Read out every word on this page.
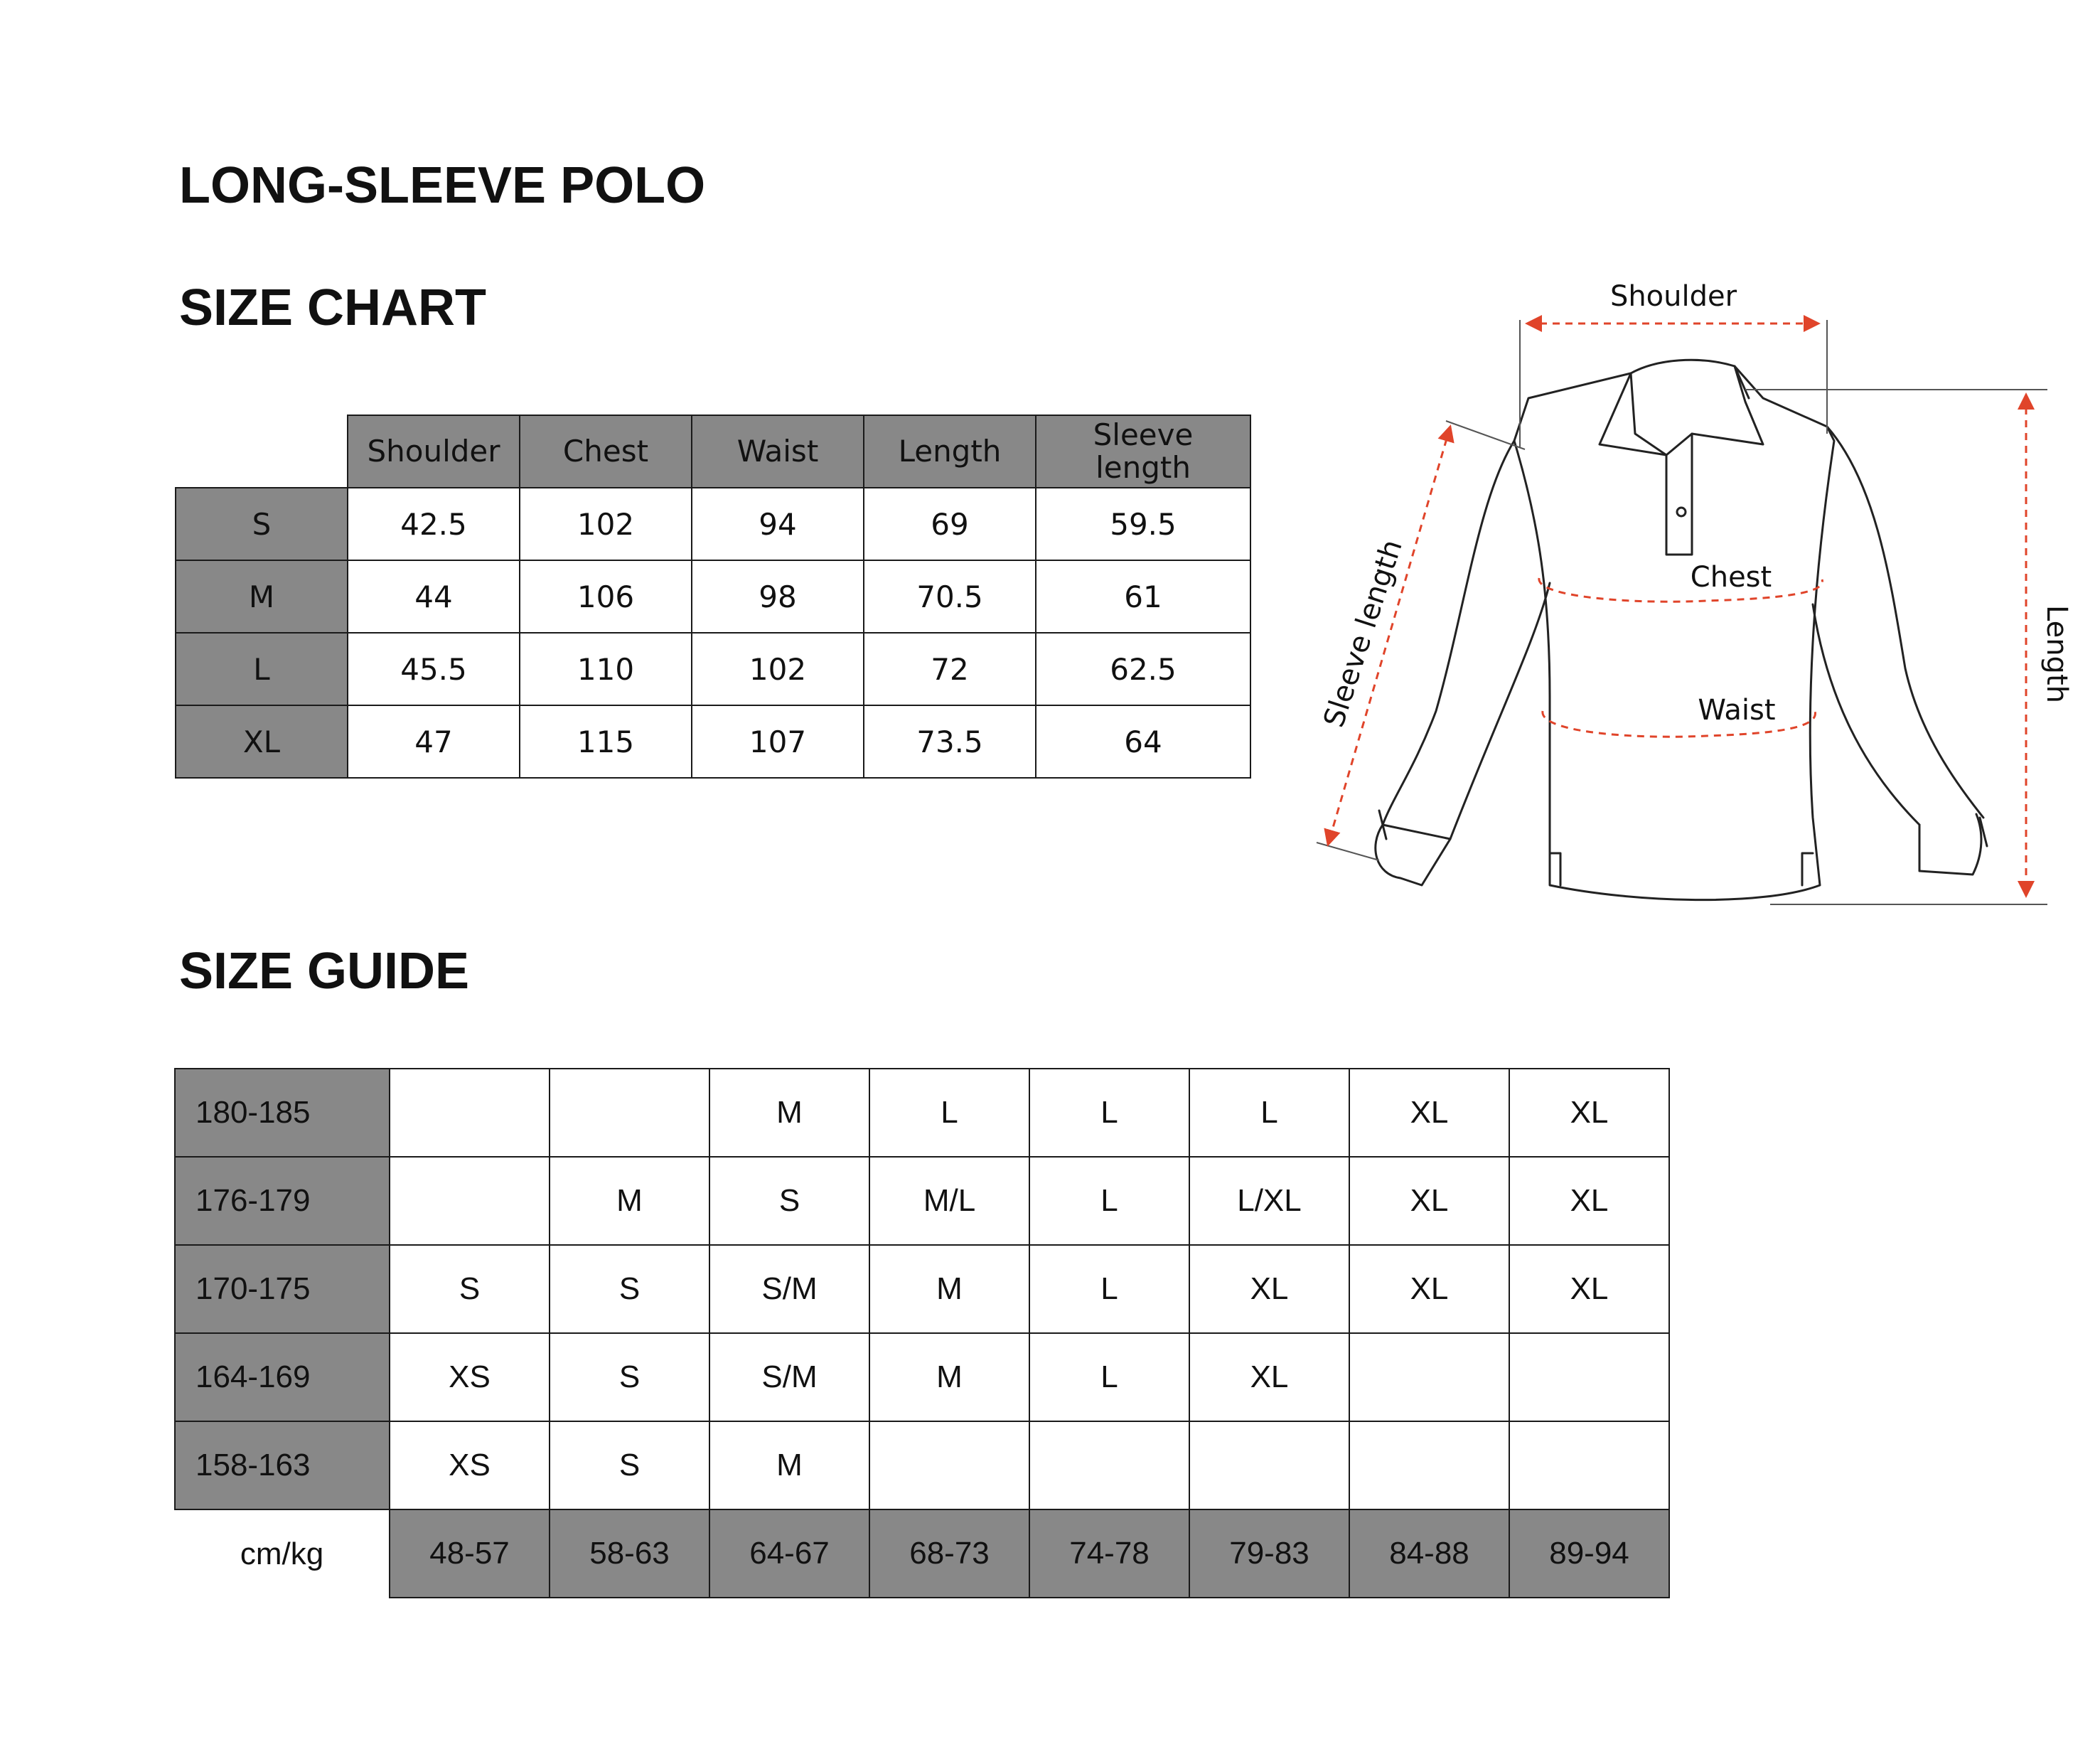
LONG-SLEEVE POLO
SIZE CHART
	Shoulder	Chest	Waist	Length	Sleeve length
S	42.5	102	94	69	59.5
M	44	106	98	70.5	61
L	45.5	110	102	72	62.5
XL	47	115	107	73.5	64
Shoulder
Chest
Waist
Length
Sleeve length
SIZE GUIDE
180-185			M	L	L	L	XL	XL
176-179		M	S	M/L	L	L/XL	XL	XL
170-175	S	S	S/M	M	L	XL	XL	XL
164-169	XS	S	S/M	M	L	XL		
158-163	XS	S	M					
cm/kg	48-57	58-63	64-67	68-73	74-78	79-83	84-88	89-94
